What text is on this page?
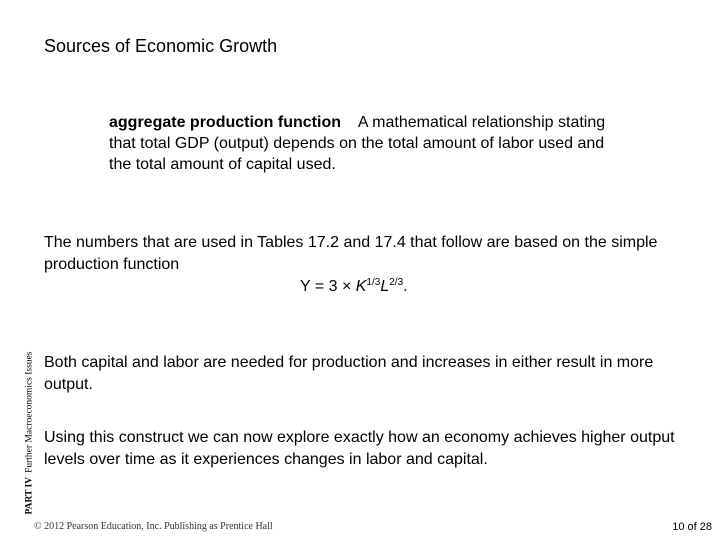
Sources of Economic Growth
aggregate production function A mathematical relationship stating that total GDP (output) depends on the total amount of labor used and the total amount of capital used.
The numbers that are used in Tables 17.2 and 17.4 that follow are based on the simple production function
$Y = 3 \times K^{1/3}L^{2/3}$.
Both capital and labor are needed for production and increases in either result in more output.
Using this construct we can now explore exactly how an economy achieves higher output levels over time as it experiences changes in labor and capital.
PART IVFurther Macroeconomics Issues
© 2012 Pearson Education, Inc. Publishing as Prentice Hall	10 of 28
